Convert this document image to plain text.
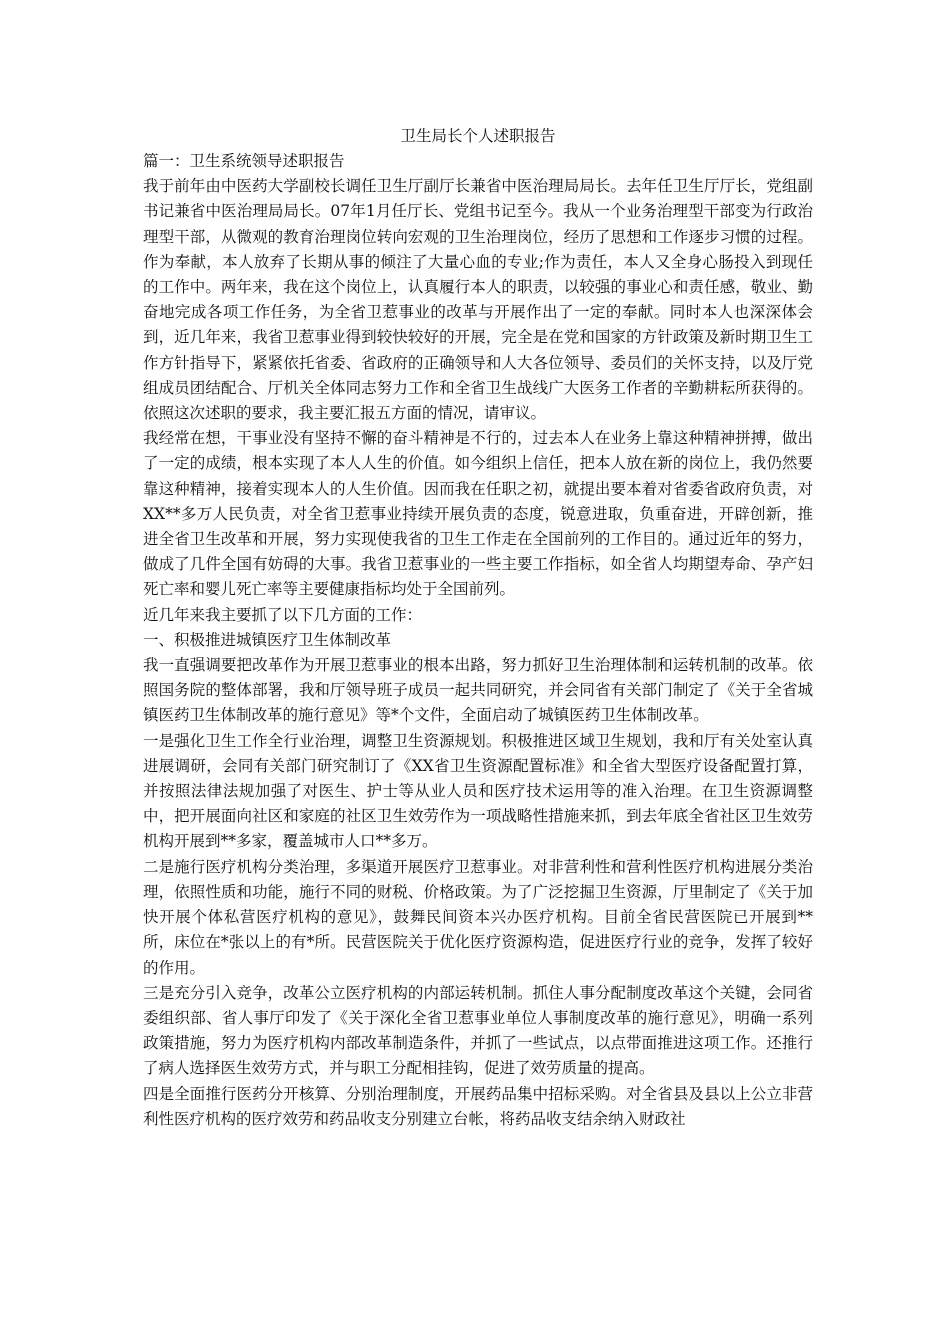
卫生局长个人述职报告

篇一：卫生系统领导述职报告

我于前年由中医药大学副校长调任卫生厅副厅长兼省中医治理局局长。去年任卫生厅厅长，党组副书记兼省中医治理局局长。07年1月任厅长、党组书记至今。我从一个业务治理型干部变为行政治理型干部，从微观的教育治理岗位转向宏观的卫生治理岗位，经历了思想和工作逐步习惯的过程。作为奉献，本人放弃了长期从事的倾注了大量心血的专业;作为责任，本人又全身心肠投入到现任的工作中。两年来，我在这个岗位上，认真履行本人的职责，以较强的事业心和责任感，敬业、勤奋地完成各项工作任务，为全省卫惹事业的改革与开展作出了一定的奉献。同时本人也深深体会到，近几年来，我省卫惹事业得到较快较好的开展，完全是在党和国家的方针政策及新时期卫生工作方针指导下，紧紧依托省委、省政府的正确领导和人大各位领导、委员们的关怀支持，以及厅党组成员团结配合、厅机关全体同志努力工作和全省卫生战线广大医务工作者的辛勤耕耘所获得的。依照这次述职的要求，我主要汇报五方面的情况，请审议。

我经常在想，干事业没有坚持不懈的奋斗精神是不行的，过去本人在业务上靠这种精神拼搏，做出了一定的成绩，根本实现了本人人生的价值。如今组织上信任，把本人放在新的岗位上，我仍然要靠这种精神，接着实现本人的人生价值。因而我在任职之初，就提出要本着对省委省政府负责，对XX**多万人民负责，对全省卫惹事业持续开展负责的态度，锐意进取，负重奋进，开辟创新，推进全省卫生改革和开展，努力实现使我省的卫生工作走在全国前列的工作目的。通过近年的努力，做成了几件全国有妨碍的大事。我省卫惹事业的一些主要工作指标，如全省人均期望寿命、孕产妇死亡率和婴儿死亡率等主要健康指标均处于全国前列。

近几年来我主要抓了以下几方面的工作：

一、积极推进城镇医疗卫生体制改革

我一直强调要把改革作为开展卫惹事业的根本出路，努力抓好卫生治理体制和运转机制的改革。依照国务院的整体部署，我和厅领导班子成员一起共同研究，并会同省有关部门制定了《关于全省城镇医药卫生体制改革的施行意见》等*个文件，全面启动了城镇医药卫生体制改革。

一是强化卫生工作全行业治理，调整卫生资源规划。积极推进区域卫生规划，我和厅有关处室认真进展调研，会同有关部门研究制订了《XX省卫生资源配置标准》和全省大型医疗设备配置打算，并按照法律法规加强了对医生、护士等从业人员和医疗技术运用等的准入治理。在卫生资源调整中，把开展面向社区和家庭的社区卫生效劳作为一项战略性措施来抓，到去年底全省社区卫生效劳机构开展到**多家，覆盖城市人口**多万。

二是施行医疗机构分类治理，多渠道开展医疗卫惹事业。对非营利性和营利性医疗机构进展分类治理，依照性质和功能，施行不同的财税、价格政策。为了广泛挖掘卫生资源，厅里制定了《关于加快开展个体私营医疗机构的意见》，鼓舞民间资本兴办医疗机构。目前全省民营医院已开展到**所，床位在*张以上的有*所。民营医院关于优化医疗资源构造，促进医疗行业的竞争，发挥了较好的作用。

三是充分引入竞争，改革公立医疗机构的内部运转机制。抓住人事分配制度改革这个关键，会同省委组织部、省人事厅印发了《关于深化全省卫惹事业单位人事制度改革的施行意见》，明确一系列政策措施，努力为医疗机构内部改革制造条件，并抓了一些试点，以点带面推进这项工作。还推行了病人选择医生效劳方式，并与职工分配相挂钩，促进了效劳质量的提高。

四是全面推行医药分开核算、分别治理制度，开展药品集中招标采购。对全省县及县以上公立非营利性医疗机构的医疗效劳和药品收支分别建立台帐，将药品收支结余纳入财政社
